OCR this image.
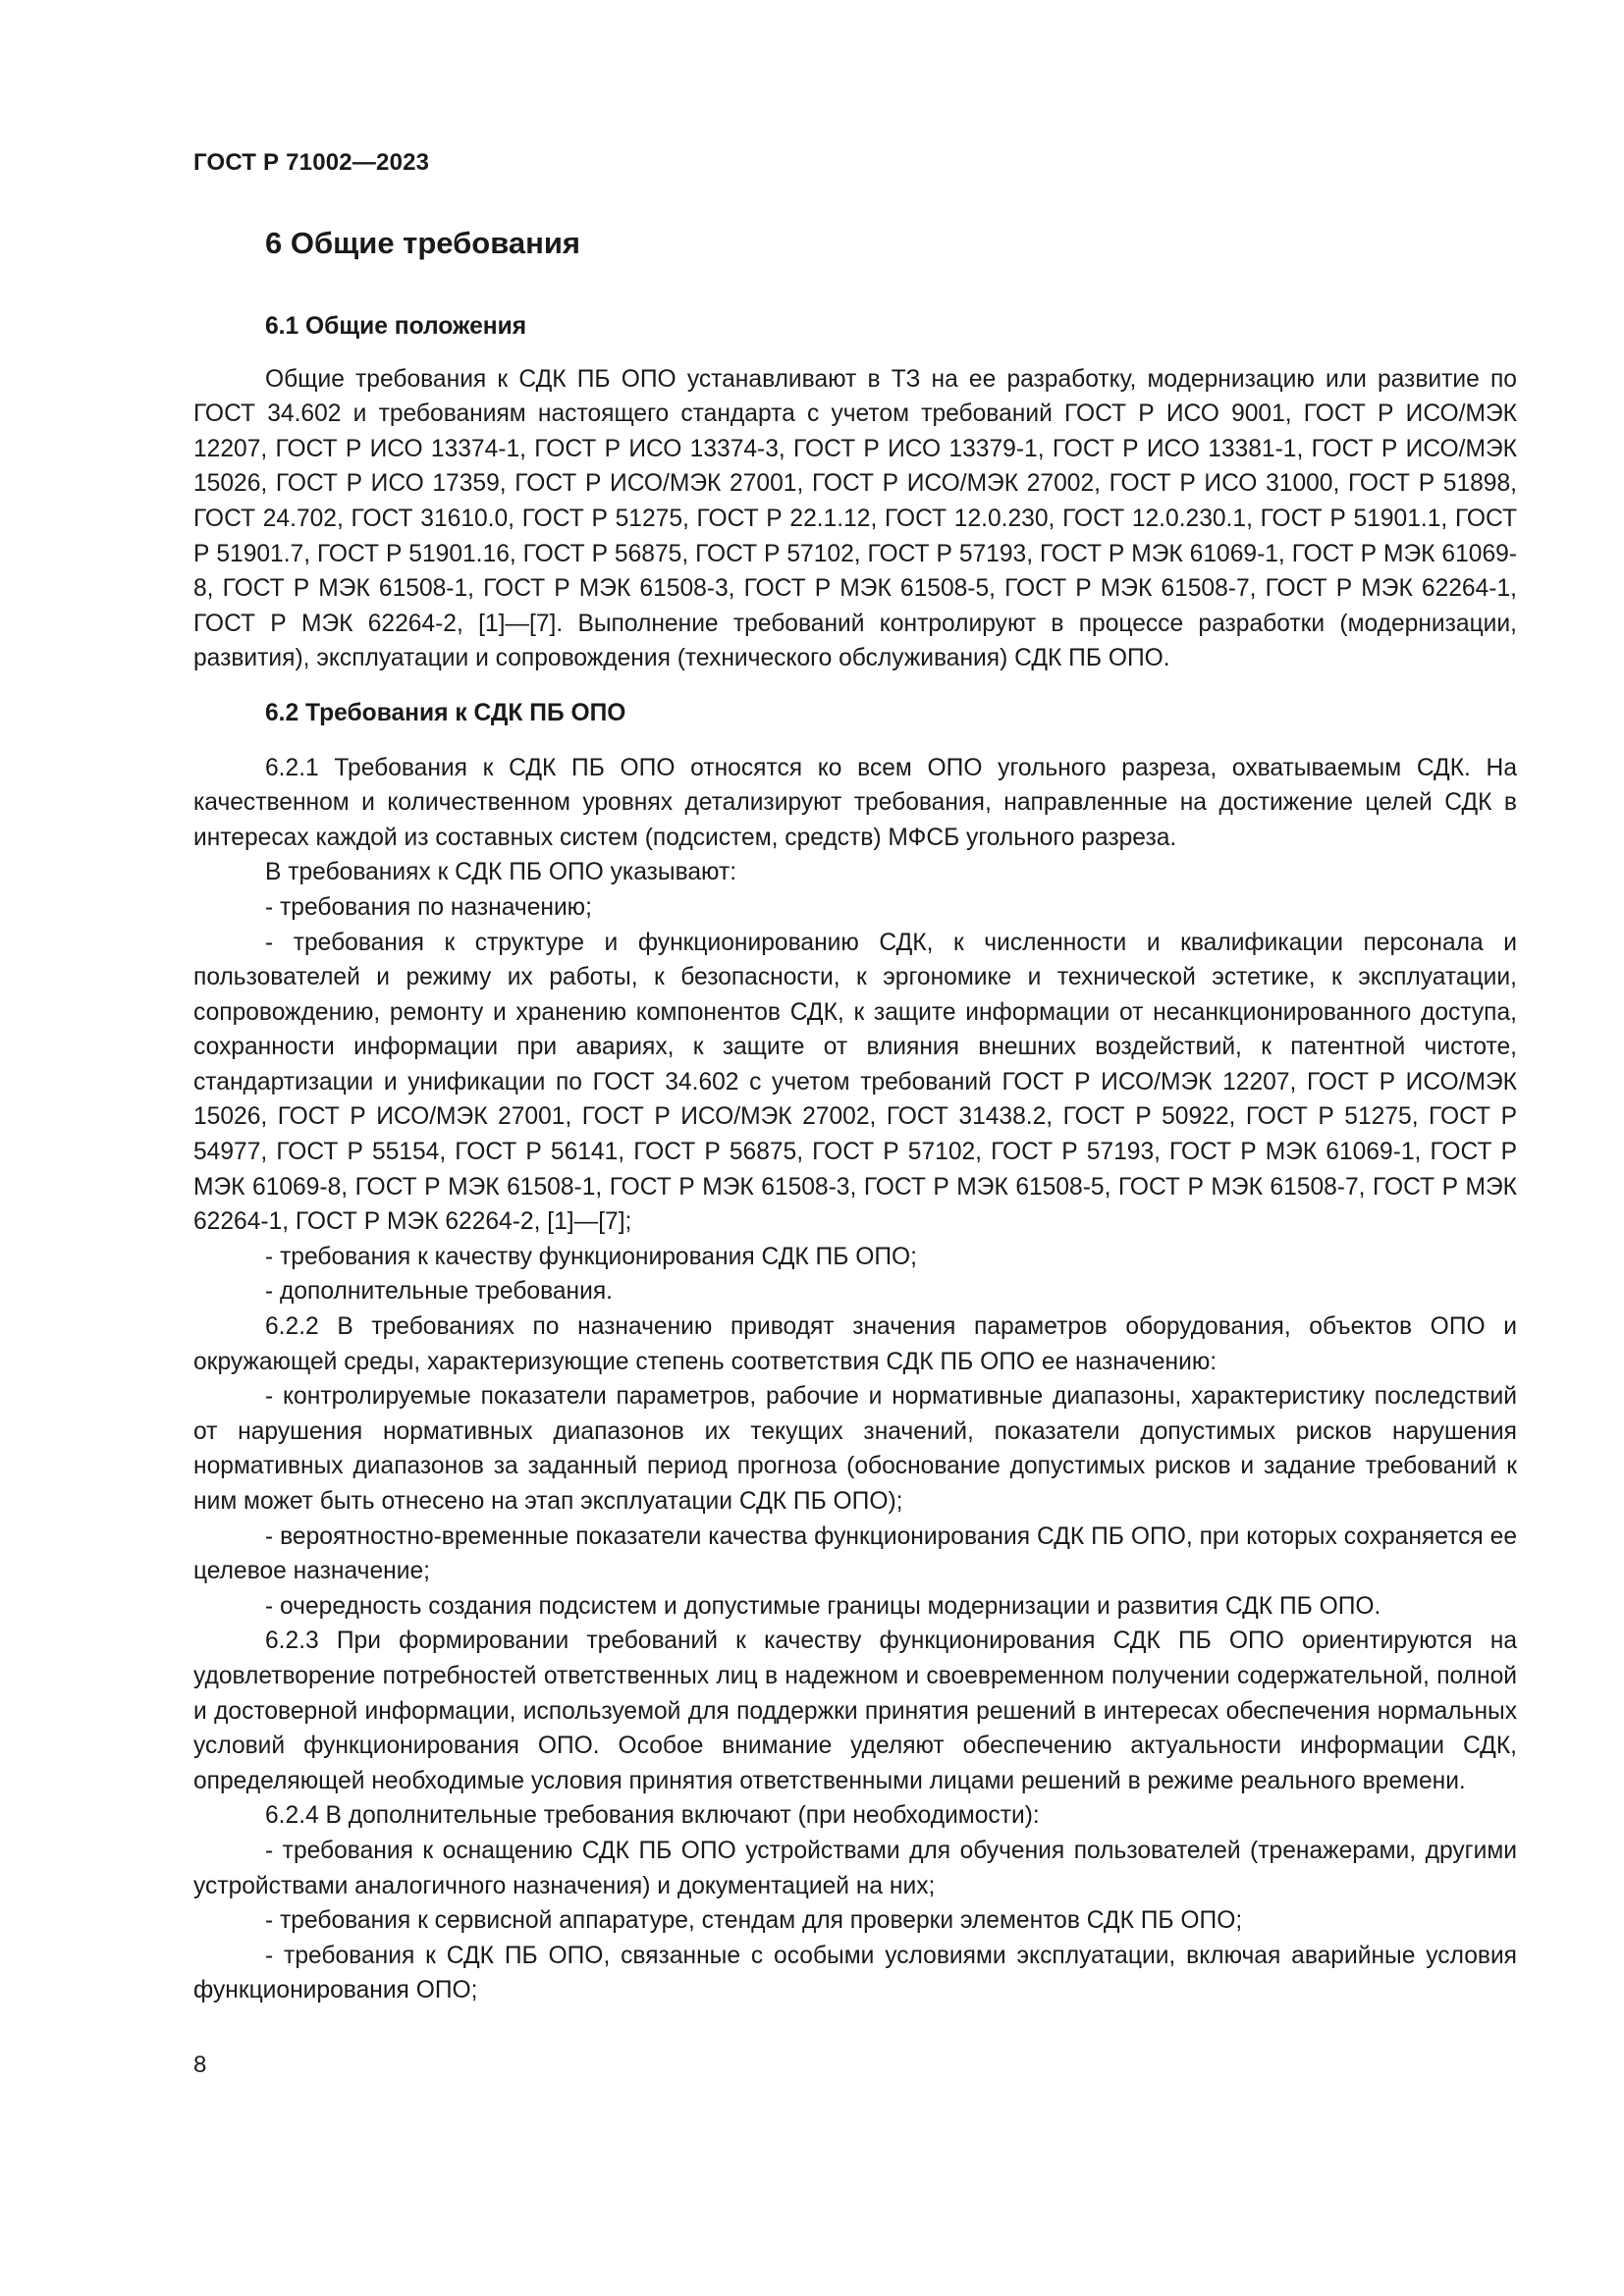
ГОСТ Р 71002—2023
6 Общие требования
6.1 Общие положения

Общие требования к СДК ПБ ОПО устанавливают в ТЗ на ее разработку, модернизацию или развитие по ГОСТ 34.602 и требованиям настоящего стандарта с учетом требований ГОСТ Р ИСО 9001, ГОСТ Р ИСО/МЭК 12207, ГОСТ Р ИСО 13374-1, ГОСТ Р ИСО 13374-3, ГОСТ Р ИСО 13379-1, ГОСТ Р ИСО 13381-1, ГОСТ Р ИСО/МЭК 15026, ГОСТ Р ИСО 17359, ГОСТ Р ИСО/МЭК 27001, ГОСТ Р ИСО/МЭК 27002, ГОСТ Р ИСО 31000, ГОСТ Р 51898, ГОСТ 24.702, ГОСТ 31610.0, ГОСТ Р 51275, ГОСТ Р 22.1.12, ГОСТ 12.0.230, ГОСТ 12.0.230.1, ГОСТ Р 51901.1, ГОСТ Р 51901.7, ГОСТ Р 51901.16, ГОСТ Р 56875, ГОСТ Р 57102, ГОСТ Р 57193, ГОСТ Р МЭК 61069-1, ГОСТ Р МЭК 61069-8, ГОСТ Р МЭК 61508-1, ГОСТ Р МЭК 61508-3, ГОСТ Р МЭК 61508-5, ГОСТ Р МЭК 61508-7, ГОСТ Р МЭК 62264-1, ГОСТ Р МЭК 62264-2, [1]—[7]. Выполнение требований контролируют в процессе разработки (модернизации, развития), эксплуатации и сопровождения (технического обслуживания) СДК ПБ ОПО.

6.2 Требования к СДК ПБ ОПО

6.2.1 Требования к СДК ПБ ОПО относятся ко всем ОПО угольного разреза, охватываемым СДК. На качественном и количественном уровнях детализируют требования, направленные на достижение целей СДК в интересах каждой из составных систем (подсистем, средств) МФСБ угольного разреза.

В требованиях к СДК ПБ ОПО указывают:

- требования по назначению;

- требования к структуре и функционированию СДК, к численности и квалификации персонала и пользователей и режиму их работы, к безопасности, к эргономике и технической эстетике, к эксплуатации, сопровождению, ремонту и хранению компонентов СДК, к защите информации от несанкционированного доступа, сохранности информации при авариях, к защите от влияния внешних воздействий, к патентной чистоте, стандартизации и унификации по ГОСТ 34.602 с учетом требований ГОСТ Р ИСО/МЭК 12207, ГОСТ Р ИСО/МЭК 15026, ГОСТ Р ИСО/МЭК 27001, ГОСТ Р ИСО/МЭК 27002, ГОСТ 31438.2, ГОСТ Р 50922, ГОСТ Р 51275, ГОСТ Р 54977, ГОСТ Р 55154, ГОСТ Р 56141, ГОСТ Р 56875, ГОСТ Р 57102, ГОСТ Р 57193, ГОСТ Р МЭК 61069-1, ГОСТ Р МЭК 61069-8, ГОСТ Р МЭК 61508-1, ГОСТ Р МЭК 61508-3, ГОСТ Р МЭК 61508-5, ГОСТ Р МЭК 61508-7, ГОСТ Р МЭК 62264-1, ГОСТ Р МЭК 62264-2, [1]—[7];

- требования к качеству функционирования СДК ПБ ОПО;

- дополнительные требования.

6.2.2 В требованиях по назначению приводят значения параметров оборудования, объектов ОПО и окружающей среды, характеризующие степень соответствия СДК ПБ ОПО ее назначению:

- контролируемые показатели параметров, рабочие и нормативные диапазоны, характеристику последствий от нарушения нормативных диапазонов их текущих значений, показатели допустимых рисков нарушения нормативных диапазонов за заданный период прогноза (обоснование допустимых рисков и задание требований к ним может быть отнесено на этап эксплуатации СДК ПБ ОПО);

- вероятностно-временные показатели качества функционирования СДК ПБ ОПО, при которых сохраняется ее целевое назначение;

- очередность создания подсистем и допустимые границы модернизации и развития СДК ПБ ОПО.

6.2.3 При формировании требований к качеству функционирования СДК ПБ ОПО ориентируются на удовлетворение потребностей ответственных лиц в надежном и своевременном получении содержательной, полной и достоверной информации, используемой для поддержки принятия решений в интересах обеспечения нормальных условий функционирования ОПО. Особое внимание уделяют обеспечению актуальности информации СДК, определяющей необходимые условия принятия ответственными лицами решений в режиме реального времени.

6.2.4 В дополнительные требования включают (при необходимости):

- требования к оснащению СДК ПБ ОПО устройствами для обучения пользователей (тренажерами, другими устройствами аналогичного назначения) и документацией на них;

- требования к сервисной аппаратуре, стендам для проверки элементов СДК ПБ ОПО;

- требования к СДК ПБ ОПО, связанные с особыми условиями эксплуатации, включая аварийные условия функционирования ОПО;

8
